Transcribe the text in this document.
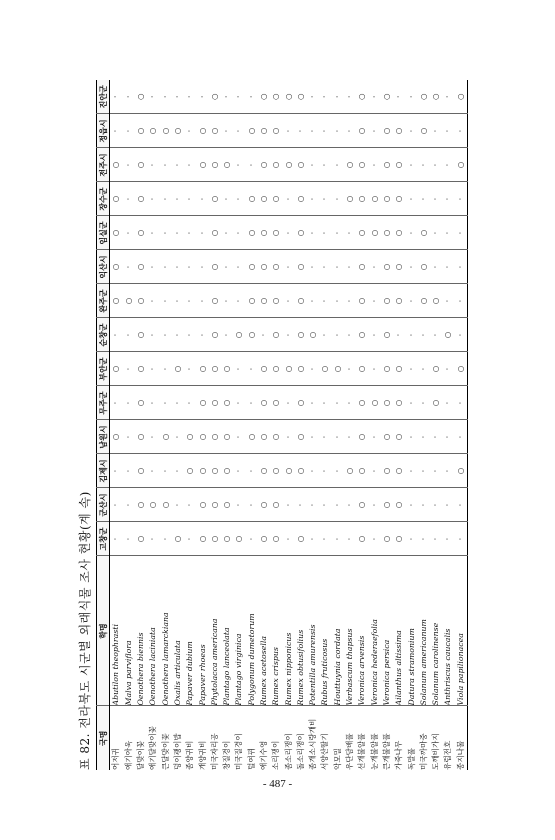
표 82. 전라북도 시군별 외래식물 조사 현황(계 속) 국명	학명	고창군	군산시	김제시	남원시	무주군	부안군	순창군	완주군	익산시	임실군	장수군	전주시	정읍시	진안군
어저귀	Abutilon theophrasti	·	·	·	○	·	○	·	○	○	○	○	○	·	·
애기아욱	Malva parviflora	·	·	·	·	·	·	·	○	·	·	·	·	·	·
달맞이꽃	Oenothera biennis	○	○	○	○	○	○	○	○	○	○	○	○	○	○
애기달맞이꽃	Oenothera laciniata	·	○	·	·	·	·	·	·	·	·	·	·	○	·
큰달맞이꽃	Oenothera lamarckiana	·	○	·	○	·	·	·	·	·	·	·	·	○	·
덩이괭이밥	Oxalis articulata	○	·	·	·	·	○	·	·	·	·	·	·	○	·
좀양귀비	Papaver dubium	·	·	○	○	·	·	·	·	·	·	·	·	·	·
개양귀비	Papaver rhoeas	○	○	○	○	○	○	·	·	·	·	·	○	○	·
미국자리공	Phytolacca americana	○	○	○	○	○	○	○	○	○	○	○	○	○	○
창질경이	Plantago lanceolata	○	○	○	○	○	○	·	·	·	·	·	○	·	·
미국질경이	Plantago virginica	○	·	·	·	·	·	○	·	·	·	·	·	·	·
털여뀌	Polygonum dumetorum	·	·	·	○	·	·	○	○	○	○	○	·	○	·
애기수영	Rumex acetosella	○	○	○	○	○	○	·	○	○	○	○	○	○	○
소리쟁이	Rumex crispus	○	○	○	○	○	○	○	○	○	○	○	○	○	○
좀소리쟁이	Rumex nipponicus	·	·	○	·	·	○	·	·	·	·	·	○	·	○
돌소리쟁이	Rumex obtusifolius	○	·	○	○	○	○	○	○	○	○	○	○	·	○
좀개소시랑개비	Potentilla amurensis	·	·	·	·	·	·	○	·	·	·	·	·	·	·
서양산딸기	Rubus fruticosus	·	·	·	·	·	○	·	·	·	·	·	·	·	·
악모밀	Houttuynia cordata	·	·	·	·	·	○	·	·	·	·	·	·	·	·
우단담배풀	Verbascum thapsus	·	·	○	·	·	·	·	·	·	·	○	○	·	·
선개불알풀	Veronica arvensis	○	○	○	○	○	○	○	○	○	○	○	○	○	○
눈개불알풀	Veronica hederaefolia	·	·	·	·	○	·	·	·	·	○	○	·	·	·
큰개불알풀	Veronica persica	○	○	○	○	○	○	○	○	○	○	○	○	○	○
가죽나무	Ailanthus altissima	○	○	○	○	○	○	·	○	○	○	○	○	○	·
독말풀	Datura stramonium	·	·	·	·	·	·	·	·	·	·	·	·	·	·
미국까마중	Solanum americanum	·	·	·	·	·	·	·	○	○	○	·	·	○	○
도깨비가지	Solanum carolinense	·	·	·	·	○	○	·	○	·	·	·	·	·	○
유럽전호	Anthriscus caucalis	·	·	·	·	·	·	○	·	·	·	·	·	·	·
종지나물	Viola papilionacea	·	·	○	·	·	○	·	·	·	·	·	○	·	○
- 487 -
